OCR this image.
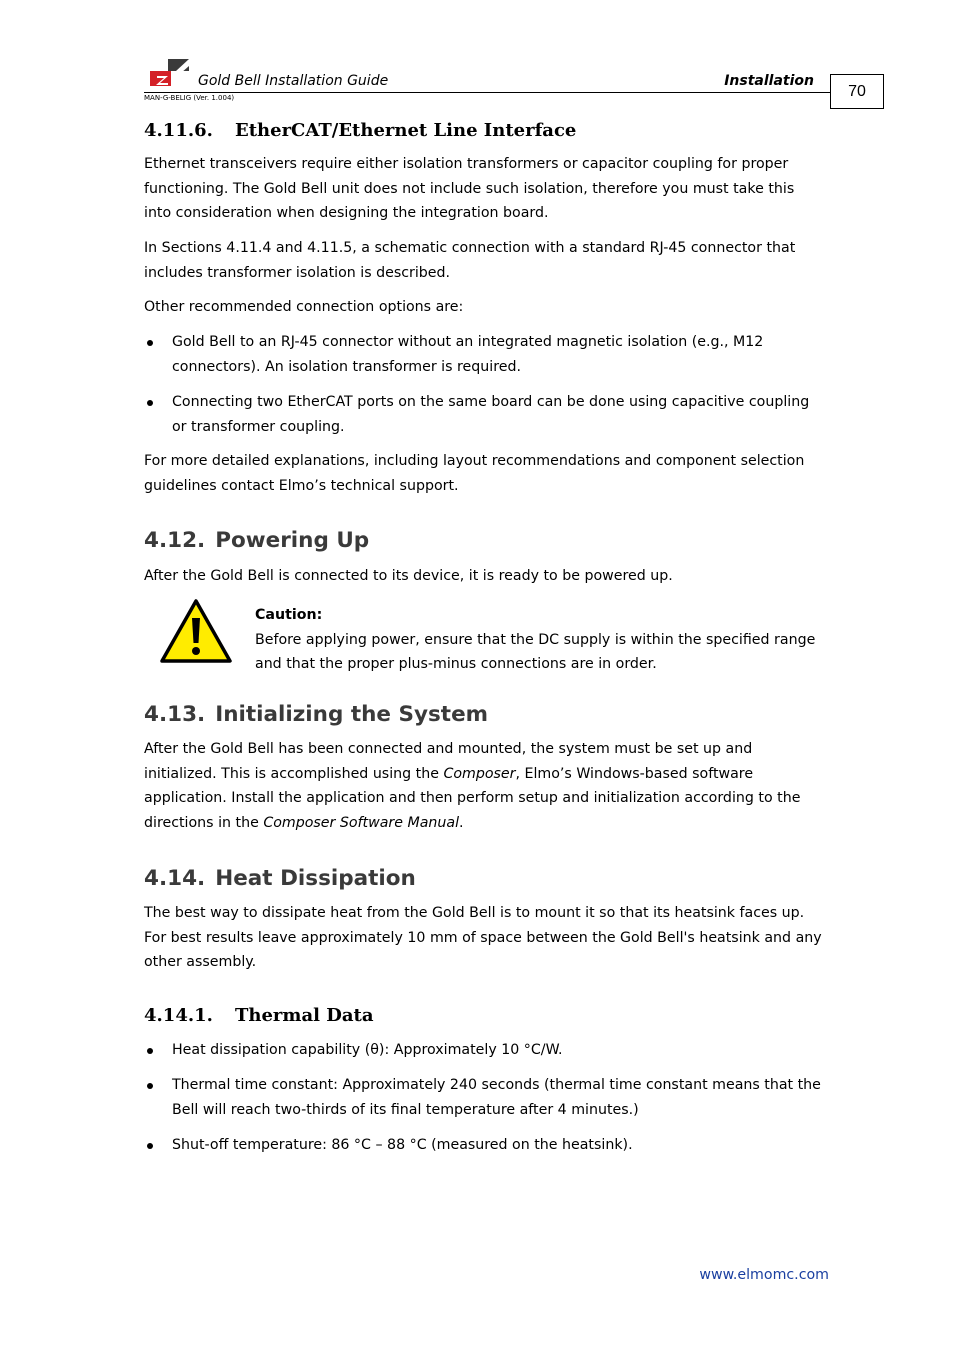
Gold Bell Installation Guide	Installation
MAN-G-BELIG (Ver. 1.004)	70
4.11.6. EtherCAT/Ethernet Line Interface

Ethernet transceivers require either isolation transformers or capacitor coupling for proper

functioning. The Gold Bell unit does not include such isolation, therefore you must take this

into consideration when designing the integration board.

In Sections 4.11.4 and 4.11.5, a schematic connection with a standard RJ-45 connector that

includes transformer isolation is described.

Other recommended connection options are:

Gold Bell to an RJ-45 connector without an integrated magnetic isolation (e.g., M12

connectors). An isolation transformer is required.

Connecting two EtherCAT ports on the same board can be done using capacitive coupling

or transformer coupling.

For more detailed explanations, including layout recommendations and component selection

guidelines contact Elmo’s technical support.

4.12. Powering Up

After the Gold Bell is connected to its device, it is ready to be powered up.

Caution:

Before applying power, ensure that the DC supply is within the specified range

and that the proper plus-minus connections are in order.

4.13. Initializing the System

After the Gold Bell has been connected and mounted, the system must be set up and

initialized. This is accomplished using the Composer, Elmo’s Windows-based software

application. Install the application and then perform setup and initialization according to the

directions in the Composer Software Manual.

4.14. Heat Dissipation

The best way to dissipate heat from the Gold Bell is to mount it so that its heatsink faces up.

For best results leave approximately 10 mm of space between the Gold Bell's heatsink and any

other assembly.

4.14.1. Thermal Data

Heat dissipation capability (θ): Approximately 10 °C/W.

Thermal time constant: Approximately 240 seconds (thermal time constant means that the

Bell will reach two-thirds of its final temperature after 4 minutes.)

Shut-off temperature: 86 °C – 88 °C (measured on the heatsink).

www.elmomc.com
